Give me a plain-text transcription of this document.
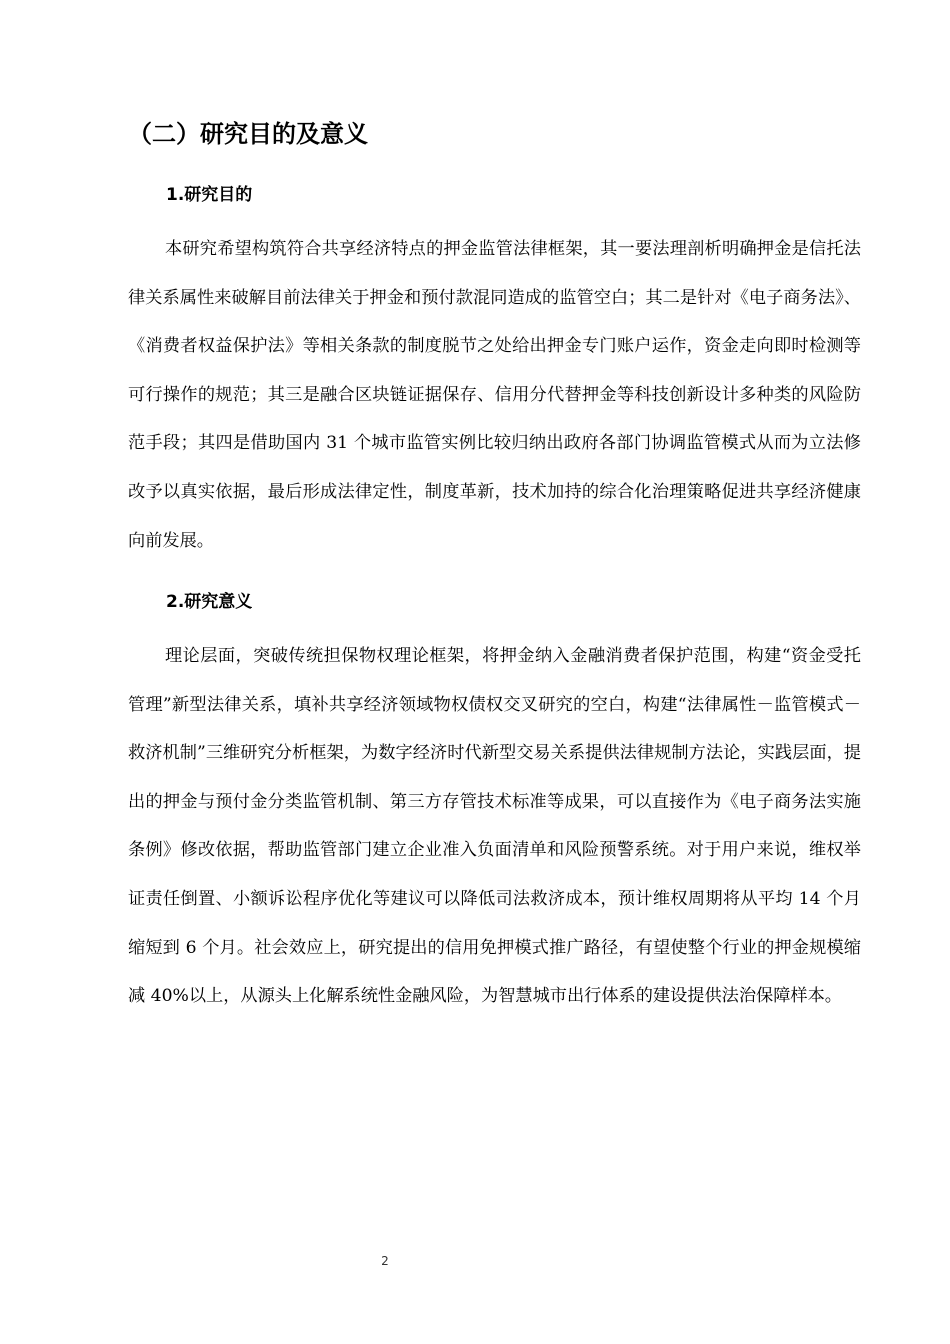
（二）研究目的及意义
1.研究目的

本研究希望构筑符合共享经济特点的押金监管法律框架，其一要法理剖析明确押金是信托法律关系属性来破解目前法律关于押金和预付款混同造成的监管空白；其二是针对《电子商务法》、《消费者权益保护法》等相关条款的制度脱节之处给出押金专门账户运作，资金走向即时检测等可行操作的规范；其三是融合区块链证据保存、信用分代替押金等科技创新设计多种类的风险防范手段；其四是借助国内 31 个城市监管实例比较归纳出政府各部门协调监管模式从而为立法修改予以真实依据，最后形成法律定性，制度革新，技术加持的综合化治理策略促进共享经济健康向前发展。

2.研究意义

理论层面，突破传统担保物权理论框架，将押金纳入金融消费者保护范围，构建“资金受托管理”新型法律关系，填补共享经济领域物权债权交叉研究的空白，构建“法律属性－监管模式－救济机制”三维研究分析框架，为数字经济时代新型交易关系提供法律规制方法论，实践层面，提出的押金与预付金分类监管机制、第三方存管技术标准等成果，可以直接作为《电子商务法实施条例》修改依据，帮助监管部门建立企业准入负面清单和风险预警系统。对于用户来说，维权举证责任倒置、小额诉讼程序优化等建议可以降低司法救济成本，预计维权周期将从平均 14 个月缩短到 6 个月。社会效应上，研究提出的信用免押模式推广路径，有望使整个行业的押金规模缩减 40%以上，从源头上化解系统性金融风险，为智慧城市出行体系的建设提供法治保障样本。

2
